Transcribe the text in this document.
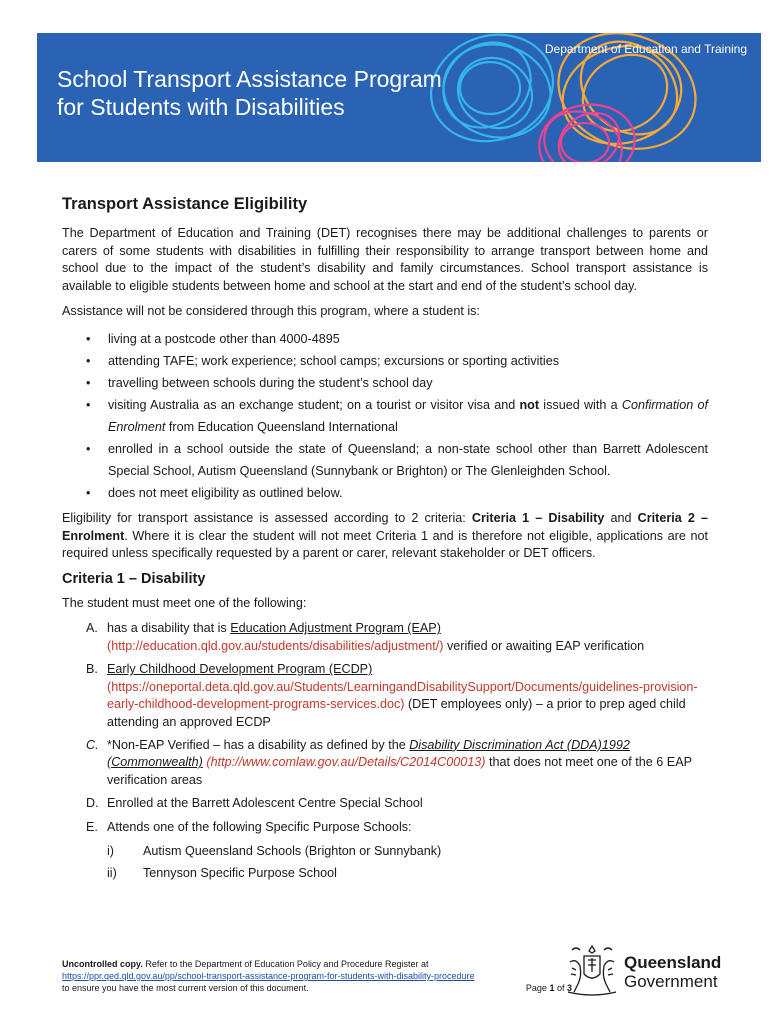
Department of Education and Training
School Transport Assistance Program
for Students with Disabilities
Transport Assistance Eligibility

The Department of Education and Training (DET) recognises there may be additional challenges to parents or carers of some students with disabilities in fulfilling their responsibility to arrange transport between home and school due to the impact of the student’s disability and family circumstances. School transport assistance is available to eligible students between home and school at the start and end of the student’s school day.

Assistance will not be considered through this program, where a student is:

• living at a postcode other than 4000-4895
• attending TAFE; work experience; school camps; excursions or sporting activities
• travelling between schools during the student’s school day
• visiting Australia as an exchange student; on a tourist or visitor visa and not issued with a Confirmation of Enrolment from Education Queensland International
• enrolled in a school outside the state of Queensland; a non-state school other than Barrett Adolescent Special School, Autism Queensland (Sunnybank or Brighton) or The Glenleighden School.
• does not meet eligibility as outlined below.

Eligibility for transport assistance is assessed according to 2 criteria: Criteria 1 – Disability and Criteria 2 – Enrolment. Where it is clear the student will not meet Criteria 1 and is therefore not eligible, applications are not required unless specifically requested by a parent or carer, relevant stakeholder or DET officers.

Criteria 1 – Disability

The student must meet one of the following:

A. has a disability that is Education Adjustment Program (EAP)
(http://education.qld.gov.au/students/disabilities/adjustment/) verified or awaiting EAP verification
B. Early Childhood Development Program (ECDP)
(https://oneportal.deta.qld.gov.au/Students/LearningandDisabilitySupport/Documents/guidelines-provision-early-childhood-development-programs-services.doc) (DET employees only) – a prior to prep aged child attending an approved ECDP
C. *Non-EAP Verified – has a disability as defined by the Disability Discrimination Act (DDA)1992 (Commonwealth) (http://www.comlaw.gov.au/Details/C2014C00013) that does not meet one of the 6 EAP verification areas
D. Enrolled at the Barrett Adolescent Centre Special School
E. Attends one of the following Specific Purpose Schools:
i) Autism Queensland Schools (Brighton or Sunnybank)
ii) Tennyson Specific Purpose School
Uncontrolled copy. Refer to the Department of Education Policy and Procedure Register at
https://ppr.qed.qld.gov.au/pp/school-transport-assistance-program-for-students-with-disability-procedure
to ensure you have the most current version of this document.	Page 1 of 3
Queensland
Government
